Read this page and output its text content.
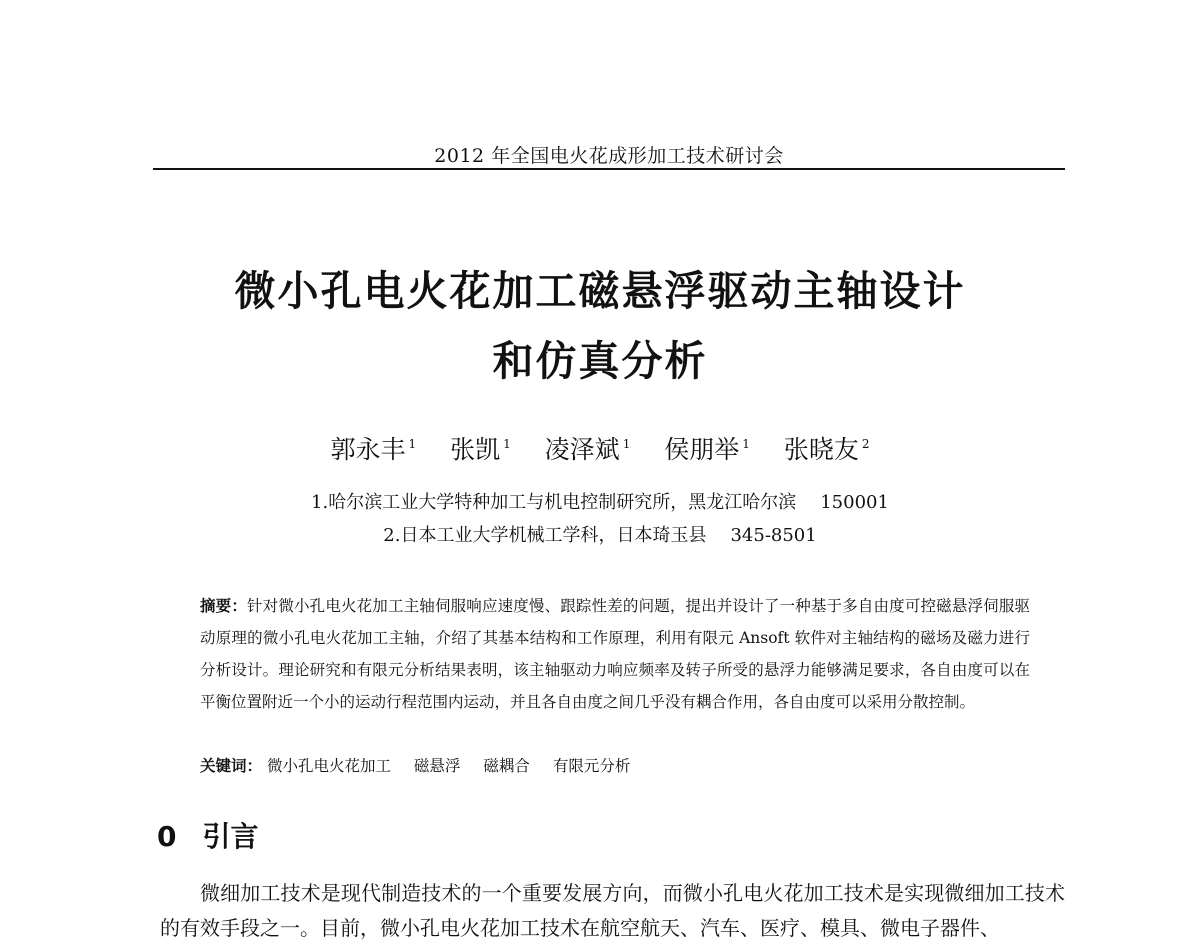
2012 年全国电火花成形加工技术研讨会
微小孔电火花加工磁悬浮驱动主轴设计
和仿真分析
郭永丰 $^1$ 张凯 $^1$ 凌泽斌 $^1$ 侯朋举 $^1$ 张晓友 $^2$
1.哈尔滨工业大学特种加工与机电控制研究所，黑龙江哈尔滨 150001
2.日本工业大学机械工学科，日本琦玉县 345-8501
摘要：针对微小孔电火花加工主轴伺服响应速度慢、跟踪性差的问题，提出并设计了一种基于多自由度可控磁悬浮伺服驱动原理的微小孔电火花加工主轴，介绍了其基本结构和工作原理，利用有限元 Ansoft 软件对主轴结构的磁场及磁力进行分析设计。理论研究和有限元分析结果表明，该主轴驱动力响应频率及转子所受的悬浮力能够满足要求，各自由度可以在平衡位置附近一个小的运动行程范围内运动，并且各自由度之间几乎没有耦合作用，各自由度可以采用分散控制。
关键词： 微小孔电火花加工 磁悬浮 磁耦合 有限元分析
0 引言
微细加工技术是现代制造技术的一个重要发展方向，而微小孔电火花加工技术是实现微细加工技术的有效手段之一。目前，微小孔电火花加工技术在航空航天、汽车、医疗、模具、微电子器件、
